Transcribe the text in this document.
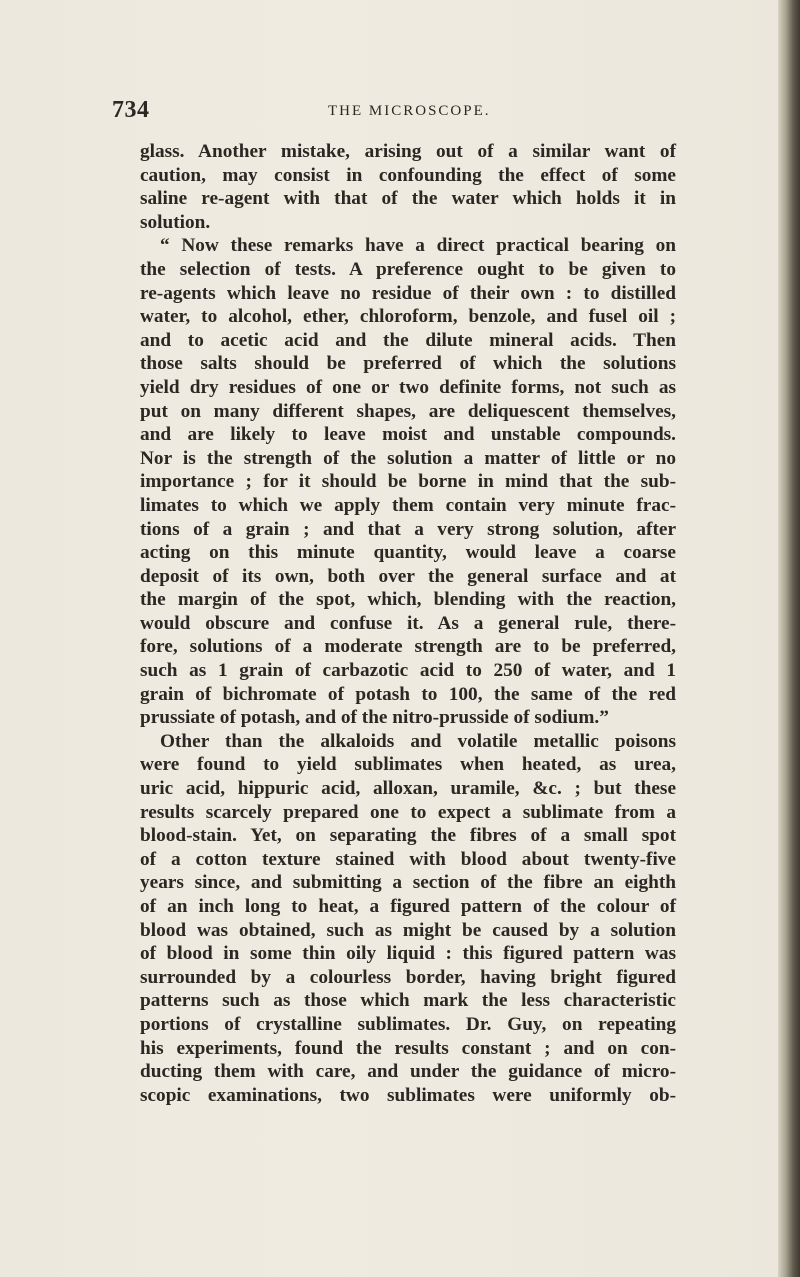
734	THE MICROSCOPE.
glass. Another mistake, arising out of a similar want of
caution, may consist in confounding the effect of some
saline re-agent with that of the water which holds it in
solution.
“ Now these remarks have a direct practical bearing on
the selection of tests. A preference ought to be given to
re-agents which leave no residue of their own : to distilled
water, to alcohol, ether, chloroform, benzole, and fusel oil ;
and to acetic acid and the dilute mineral acids. Then
those salts should be preferred of which the solutions
yield dry residues of one or two definite forms, not such as
put on many different shapes, are deliquescent themselves,
and are likely to leave moist and unstable compounds.
Nor is the strength of the solution a matter of little or no
importance ; for it should be borne in mind that the sub-
limates to which we apply them contain very minute frac-
tions of a grain ; and that a very strong solution, after
acting on this minute quantity, would leave a coarse
deposit of its own, both over the general surface and at
the margin of the spot, which, blending with the reaction,
would obscure and confuse it. As a general rule, there-
fore, solutions of a moderate strength are to be preferred,
such as 1 grain of carbazotic acid to 250 of water, and 1
grain of bichromate of potash to 100, the same of the red
prussiate of potash, and of the nitro-prusside of sodium.”
Other than the alkaloids and volatile metallic poisons
were found to yield sublimates when heated, as urea,
uric acid, hippuric acid, alloxan, uramile, &c. ; but these
results scarcely prepared one to expect a sublimate from a
blood-stain. Yet, on separating the fibres of a small spot
of a cotton texture stained with blood about twenty-five
years since, and submitting a section of the fibre an eighth
of an inch long to heat, a figured pattern of the colour of
blood was obtained, such as might be caused by a solution
of blood in some thin oily liquid : this figured pattern was
surrounded by a colourless border, having bright figured
patterns such as those which mark the less characteristic
portions of crystalline sublimates. Dr. Guy, on repeating
his experiments, found the results constant ; and on con-
ducting them with care, and under the guidance of micro-
scopic examinations, two sublimates were uniformly ob-
